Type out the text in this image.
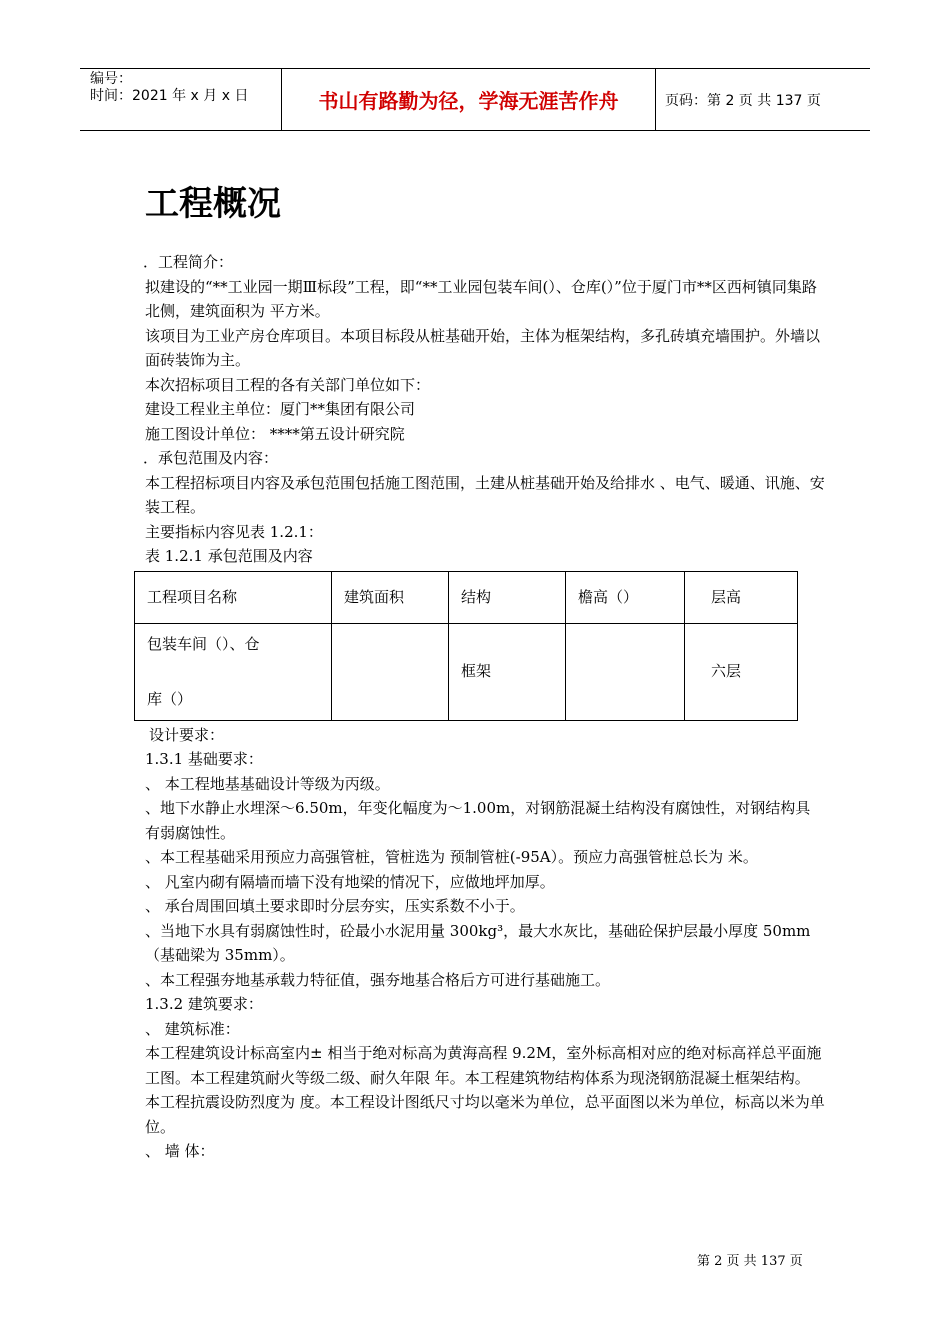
编号：
时间：2021 年 x 月 x 日	书山有路勤为径，学海无涯苦作舟	页码：第 2 页 共 137 页
工程概况

．工程简介：

拟建设的“**工业园一期Ⅲ标段”工程，即“**工业园包装车间(）、仓库(）”位于厦门市**区西柯镇同集路北侧，建筑面积为 平方米。

该项目为工业产房仓库项目。本项目标段从桩基础开始，主体为框架结构，多孔砖填充墙围护。外墙以面砖装饰为主。

本次招标项目工程的各有关部门单位如下：

建设工程业主单位：厦门**集团有限公司

施工图设计单位： ****第五设计研究院

．承包范围及内容：

本工程招标项目内容及承包范围包括施工图范围，土建从桩基础开始及给排水 、电气、暖通、讯施、安装工程。

主要指标内容见表 1.2.1：

表 1.2.1 承包范围及内容

工程项目名称	建筑面积	结构	檐高（）	层高

包装车间（）、仓
库（）		框架		六层

设计要求：

1.3.1 基础要求：

、 本工程地基基础设计等级为丙级。

、地下水静止水埋深～6.50m，年变化幅度为～1.00m，对钢筋混凝土结构没有腐蚀性，对钢结构具有弱腐蚀性。

、本工程基础采用预应力高强管桩，管桩选为 预制管桩(-95A）。预应力高强管桩总长为 米。

、 凡室内砌有隔墙而墙下没有地梁的情况下，应做地坪加厚。

、 承台周围回填土要求即时分层夯实，压实系数不小于。

、当地下水具有弱腐蚀性时，砼最小水泥用量 300kg³，最大水灰比，基础砼保护层最小厚度 50mm（基础梁为 35mm）。

、本工程强夯地基承载力特征值，强夯地基合格后方可进行基础施工。

1.3.2 建筑要求：

、 建筑标准：

本工程建筑设计标高室内± 相当于绝对标高为黄海高程 9.2M，室外标高相对应的绝对标高祥总平面施工图。本工程建筑耐火等级二级、耐久年限 年。本工程建筑物结构体系为现浇钢筋混凝土框架结构。

本工程抗震设防烈度为 度。本工程设计图纸尺寸均以毫米为单位，总平面图以米为单位，标高以米为单位。

、 墙 体：

第 2 页 共 137 页
